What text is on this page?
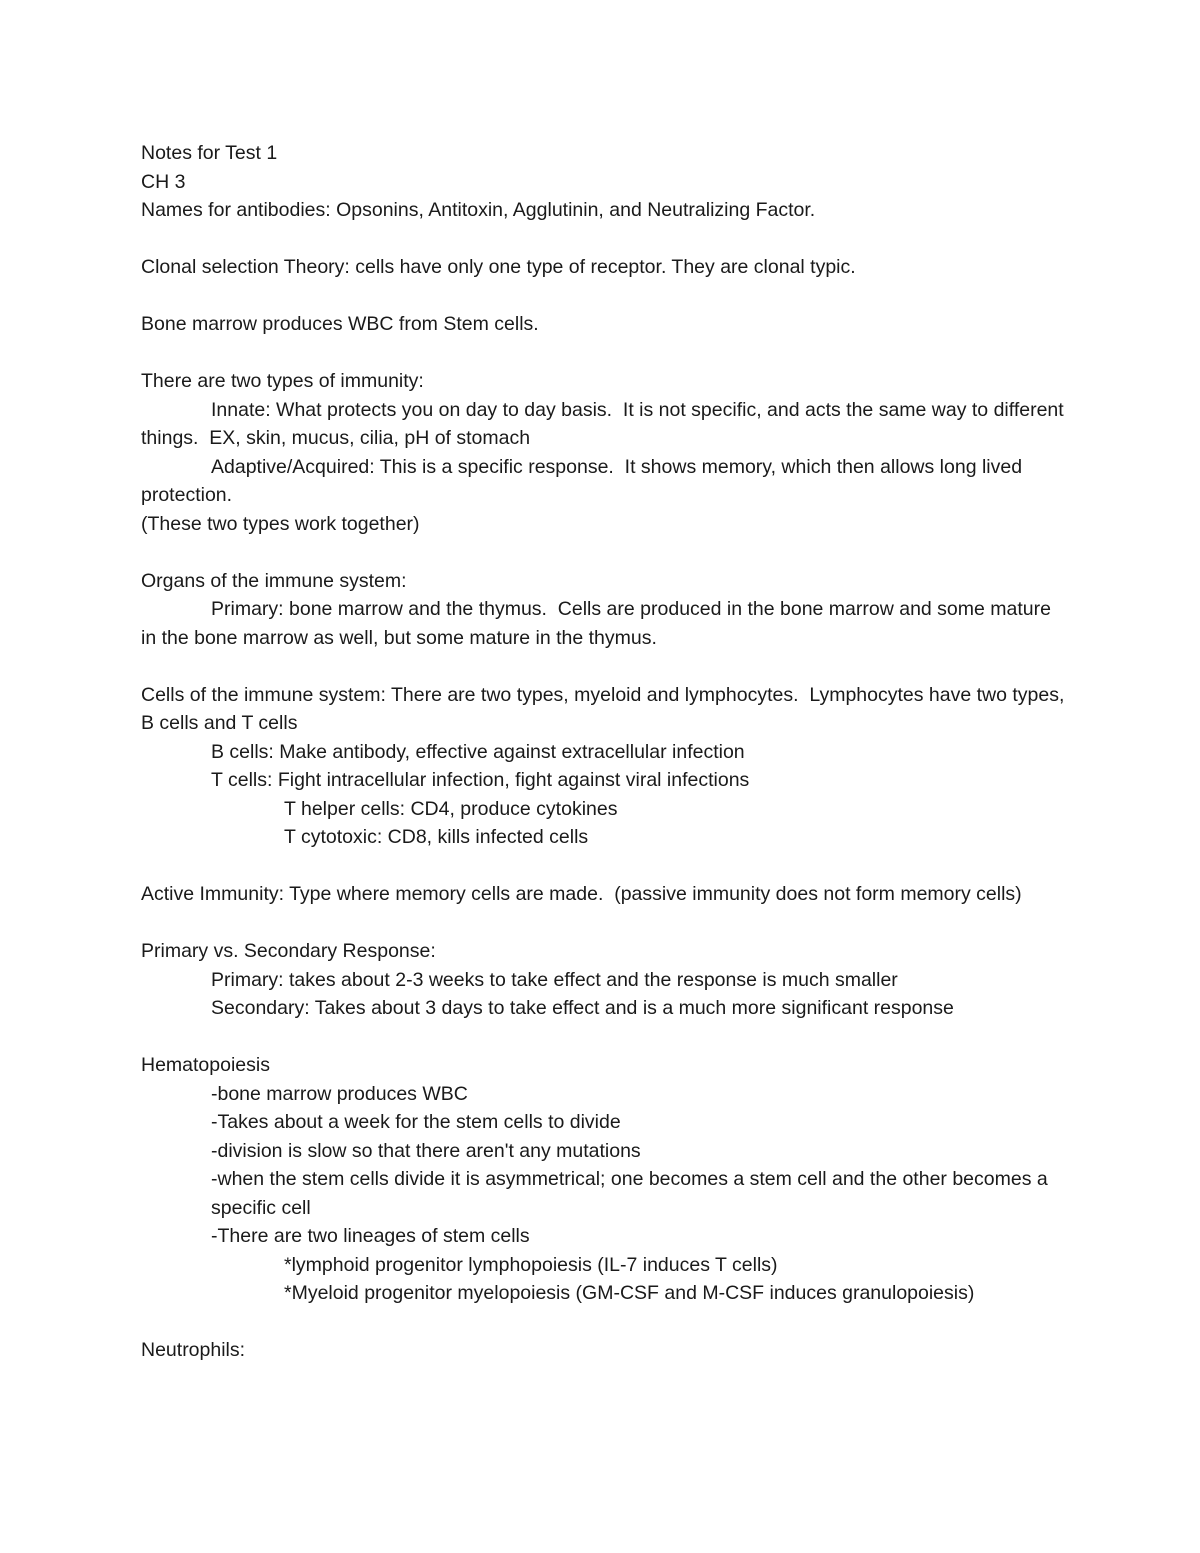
Notes for Test 1

CH 3

Names for antibodies: Opsonins, Antitoxin, Agglutinin, and Neutralizing Factor.

Clonal selection Theory: cells have only one type of receptor. They are clonal typic.

Bone marrow produces WBC from Stem cells.

There are two types of immunity:

Innate: What protects you on day to day basis.  It is not specific, and acts the same way to different things.  EX, skin, mucus, cilia, pH of stomach

Adaptive/Acquired: This is a specific response.  It shows memory, which then allows long lived protection.

(These two types work together)

Organs of the immune system:

Primary: bone marrow and the thymus.  Cells are produced in the bone marrow and some mature in the bone marrow as well, but some mature in the thymus.

Cells of the immune system: There are two types, myeloid and lymphocytes.  Lymphocytes have two types, B cells and T cells

B cells: Make antibody, effective against extracellular infection

T cells: Fight intracellular infection, fight against viral infections

T helper cells: CD4, produce cytokines

T cytotoxic: CD8, kills infected cells

Active Immunity: Type where memory cells are made.  (passive immunity does not form memory cells)

Primary vs. Secondary Response:

Primary: takes about 2-3 weeks to take effect and the response is much smaller

Secondary: Takes about 3 days to take effect and is a much more significant response

Hematopoiesis

-bone marrow produces WBC

-Takes about a week for the stem cells to divide

-division is slow so that there aren't any mutations

-when the stem cells divide it is asymmetrical; one becomes a stem cell and the other becomes a specific cell

-There are two lineages of stem cells

*lymphoid progenitor lymphopoiesis (IL-7 induces T cells)

*Myeloid progenitor myelopoiesis (GM-CSF and M-CSF induces granulopoiesis)

Neutrophils:
